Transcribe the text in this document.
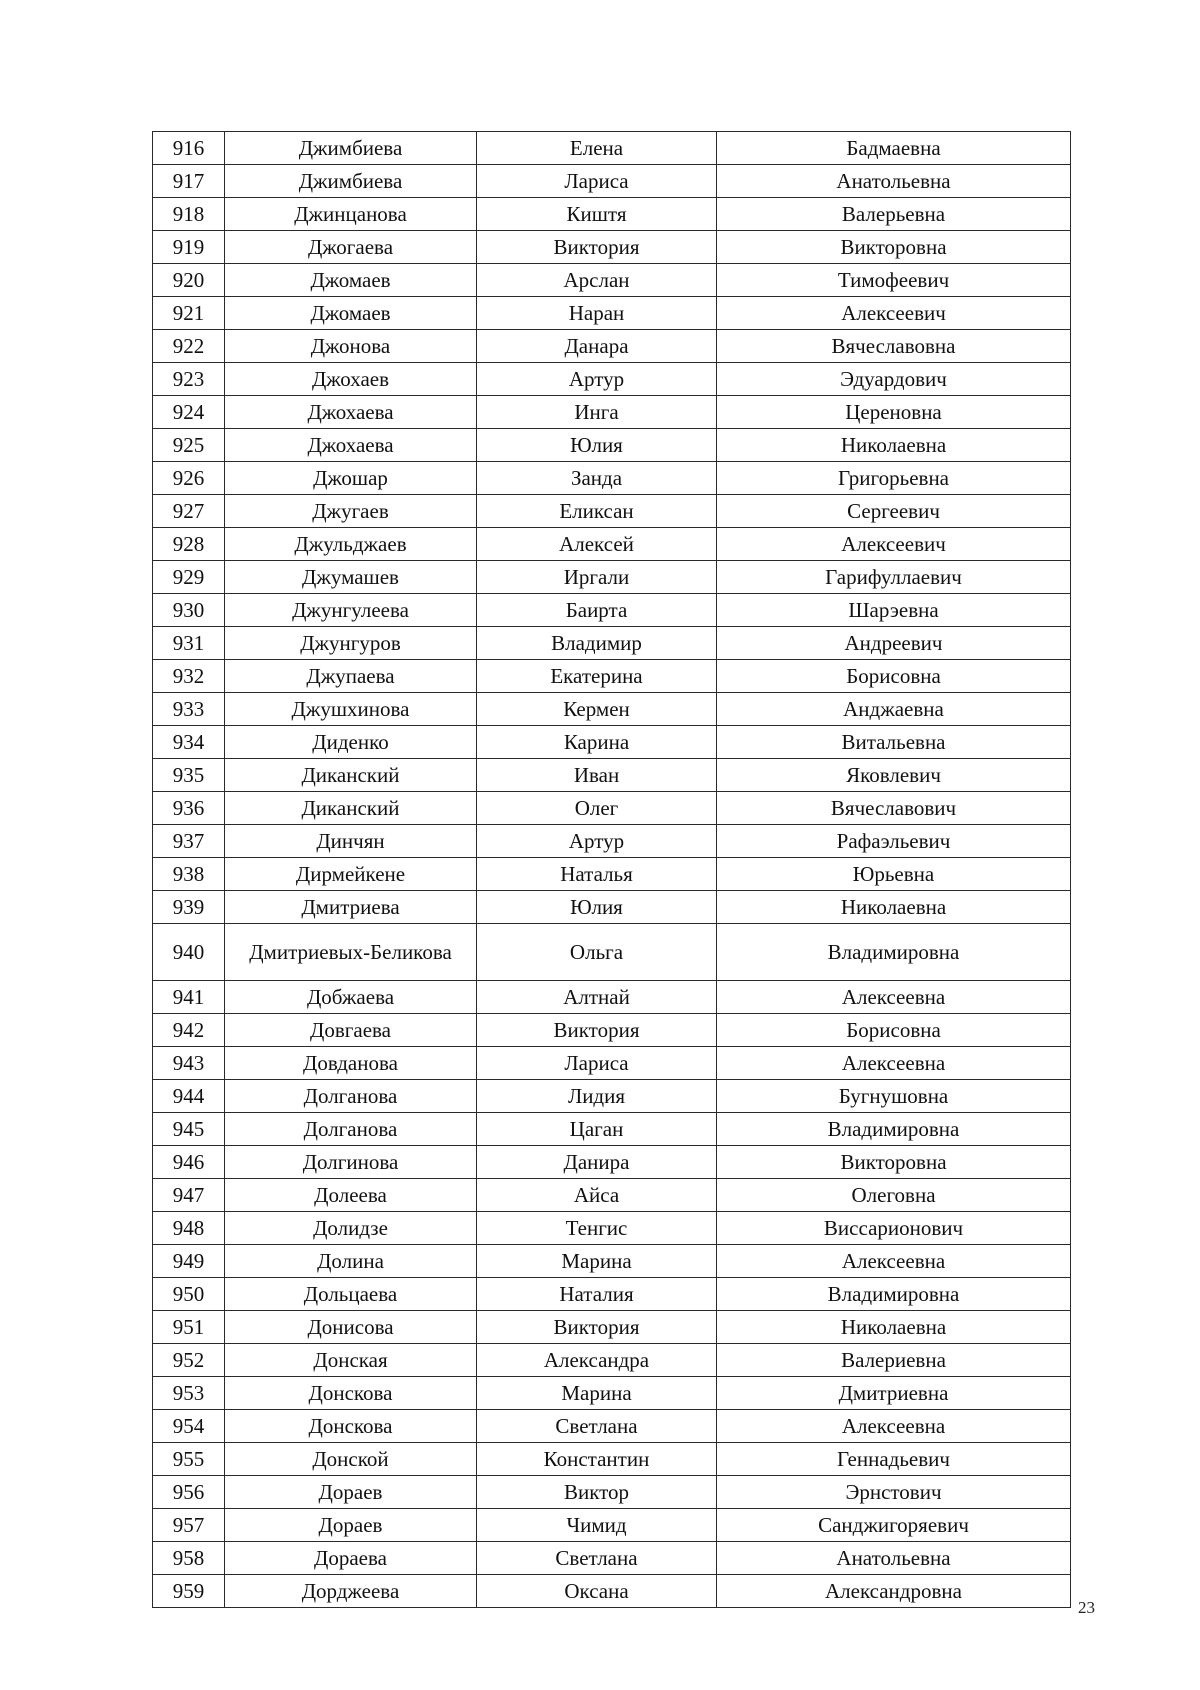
916	Джимбиева	Елена	Бадмаевна
917	Джимбиева	Лариса	Анатольевна
918	Джинцанова	Киштя	Валерьевна
919	Джогаева	Виктория	Викторовна
920	Джомаев	Арслан	Тимофеевич
921	Джомаев	Наран	Алексеевич
922	Джонова	Данара	Вячеславовна
923	Джохаев	Артур	Эдуардович
924	Джохаева	Инга	Цереновна
925	Джохаева	Юлия	Николаевна
926	Джошар	Занда	Григорьевна
927	Джугаев	Еликсан	Сергеевич
928	Джульджаев	Алексей	Алексеевич
929	Джумашев	Иргали	Гарифуллаевич
930	Джунгулеева	Баирта	Шарэевна
931	Джунгуров	Владимир	Андреевич
932	Джупаева	Екатерина	Борисовна
933	Джушхинова	Кермен	Анджаевна
934	Диденко	Карина	Витальевна
935	Диканский	Иван	Яковлевич
936	Диканский	Олег	Вячеславович
937	Динчян	Артур	Рафаэльевич
938	Дирмейкене	Наталья	Юрьевна
939	Дмитриева	Юлия	Николаевна
940	Дмитриевых-Беликова	Ольга	Владимировна
941	Добжаева	Алтнай	Алексеевна
942	Довгаева	Виктория	Борисовна
943	Довданова	Лариса	Алексеевна
944	Долганова	Лидия	Бугнушовна
945	Долганова	Цаган	Владимировна
946	Долгинова	Данира	Викторовна
947	Долеева	Айса	Олеговна
948	Долидзе	Тенгис	Виссарионович
949	Долина	Марина	Алексеевна
950	Дольцаева	Наталия	Владимировна
951	Донисова	Виктория	Николаевна
952	Донская	Александра	Валериевна
953	Донскова	Марина	Дмитриевна
954	Донскова	Светлана	Алексеевна
955	Донской	Константин	Геннадьевич
956	Дораев	Виктор	Эрнстович
957	Дораев	Чимид	Санджигоряевич
958	Дораева	Светлана	Анатольевна
959	Дорджеева	Оксана	Александровна
23
